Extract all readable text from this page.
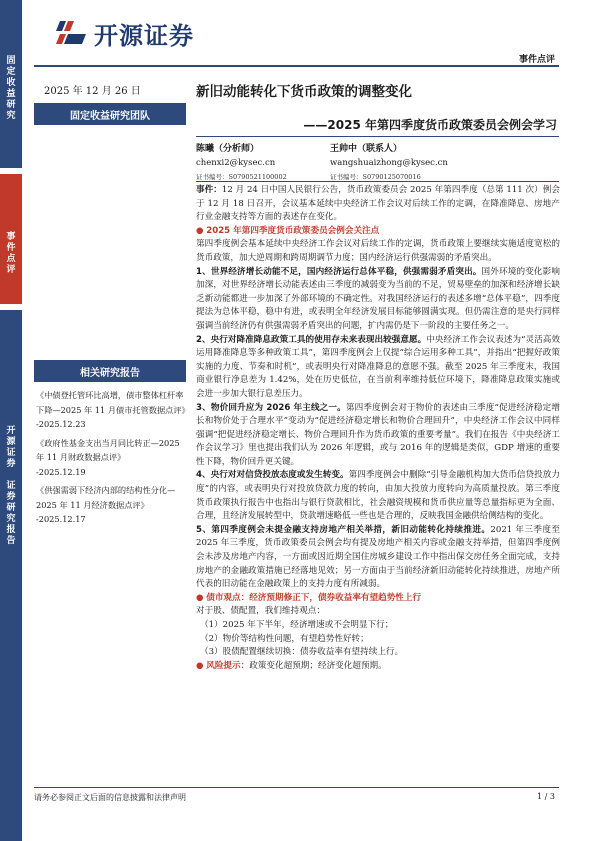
固
定
收
益
研
究
事
件
点
评
开
源
证
券

证
券
研
究
报
告
开源证券
事件点评
2025 年 12 月 26 日
固定收益研究团队
相关研究报告
《中债登托管环比高增，债市整体杠杆率下降—2025 年 11 月债市托管数据点评》
-2025.12.23
《政府性基金支出当月同比转正—2025 年 11 月财政数据点评》
-2025.12.19
《供强需弱下经济内部的结构性分化—2025 年 11 月经济数据点评》
-2025.12.17
新旧动能转化下货币政策的调整变化
——2025 年第四季度货币政策委员会例会学习
陈曦（分析师）
chenxi2@kysec.cn
证书编号：S0790521100002
王帅中（联系人）
wangshuaizhong@kysec.cn
证书编号：S0790125070016

事件：12 月 24 日中国人民银行公告，货币政策委员会 2025 年第四季度（总第 111 次）例会于 12 月 18 日召开，会议基本延续中央经济工作会议对后续工作的定调，在降准降息、房地产行业金融支持等方面的表述存在变化。

● 2025 年第四季度货币政策委员会例会关注点

第四季度例会基本延续中央经济工作会议对后续工作的定调，货币政策上要继续实施适度宽松的货币政策，加大逆周期和跨周期调节力度；国内经济运行供强需弱的矛盾突出。

1、世界经济增长动能不足，国内经济运行总体平稳，供强需弱矛盾突出。国外环境的变化影响加深，对世界经济增长动能表述由三季度的减弱变为当前的不足，贸易壁垒的加深和经济增长缺乏新动能都进一步加深了外部环境的不确定性。对我国经济运行的表述多增“总体平稳”，四季度提法为总体平稳，稳中有进，或表明全年经济发展目标能够圆满实现。但仍需注意的是央行同样强调当前经济仍有供强需弱矛盾突出的问题，扩内需仍是下一阶段的主要任务之一。

2、央行对降准降息政策工具的使用存未来表现出较强意愿。中央经济工作会议表述为“灵活高效运用降准降息等多种政策工具”，第四季度例会上仅提“综合运用多种工具”，并指出“把握好政策实施的力度、节奏和时机”，或表明央行对降准降息的意愿不强。截至 2025 年三季度末，我国商业银行净息差为 1.42%，处在历史低位，在当前利率维持低位环境下，降准降息政策实施或会进一步加大银行息差压力。

3、物价回升应为 2026 年主线之一。第四季度例会对于物价的表述由三季度“促进经济稳定增长和物价处于合理水平”变动为“促进经济稳定增长和物价合理回升”，中央经济工作会议中同样强调“把促进经济稳定增长、物价合理回升作为货币政策的重要考量”。我们在报告《中央经济工作会议学习》里也提出我们认为 2026 年逻辑，或与 2016 年的逻辑是类似，GDP 增速的重要性下降，物价回升更关键。

4、央行对对信贷投放态度或发生转变。第四季度例会中删除“引导金融机构加大货币信贷投放力度”的内容，或表明央行对投放贷款力度的转向，由加大投放力度转向为高质量投放。第三季度货币政策执行报告中也指出与银行贷款相比，社会融资规模和货币供应量等总量指标更为全面、合理，且经济发展转型中，贷款增速略低一些也是合理的，反映我国金融供给侧结构的变化。

5、第四季度例会未提金融支持房地产相关举措，新旧动能转化持续推进。2021 年三季度至 2025 年三季度，货币政策委员会例会均有提及房地产相关内容或金融支持举措，但第四季度例会未涉及房地产内容，一方面或因近期全国住房城乡建设工作中指出保交房任务全面完成，支持房地产的金融政策措施已经落地见效；另一方面由于当前经济新旧动能转化持续推进，房地产所代表的旧动能在金融政策上的支持力度有所减弱。

● 债市观点：经济预期修正下，债券收益率有望趋势性上行

对于股、债配置，我们维持观点：

（1）2025 年下半年，经济增速或不会明显下行；

（2）物价等结构性问题，有望趋势性好转；

（3）股债配置继续切换：债券收益率有望持续上行。

● 风险提示：政策变化超预期；经济变化超预期。

请务必参阅正文后面的信息披露和法律声明	1 / 3
